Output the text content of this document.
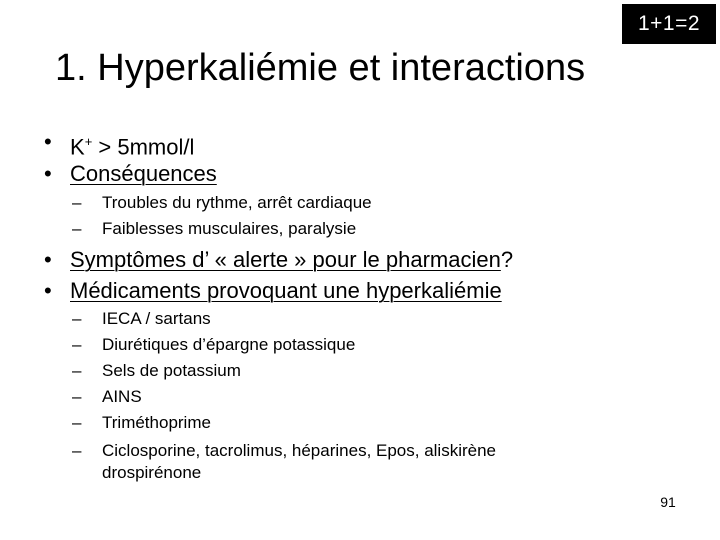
1+1=2
1. Hyperkaliémie et interactions
• K+ > 5mmol/l
• Conséquences
–	Troubles du rythme, arrêt cardiaque
–	Faiblesses musculaires, paralysie
• Symptômes d’ « alerte » pour le pharmacien?
• Médicaments provoquant une hyperkaliémie
–	IECA / sartans
–	Diurétiques d’épargne potassique
–	Sels de potassium
–	AINS
–	Triméthoprime
–	Ciclosporine, tacrolimus, héparines, Epos, aliskirène
drospirénone
91
